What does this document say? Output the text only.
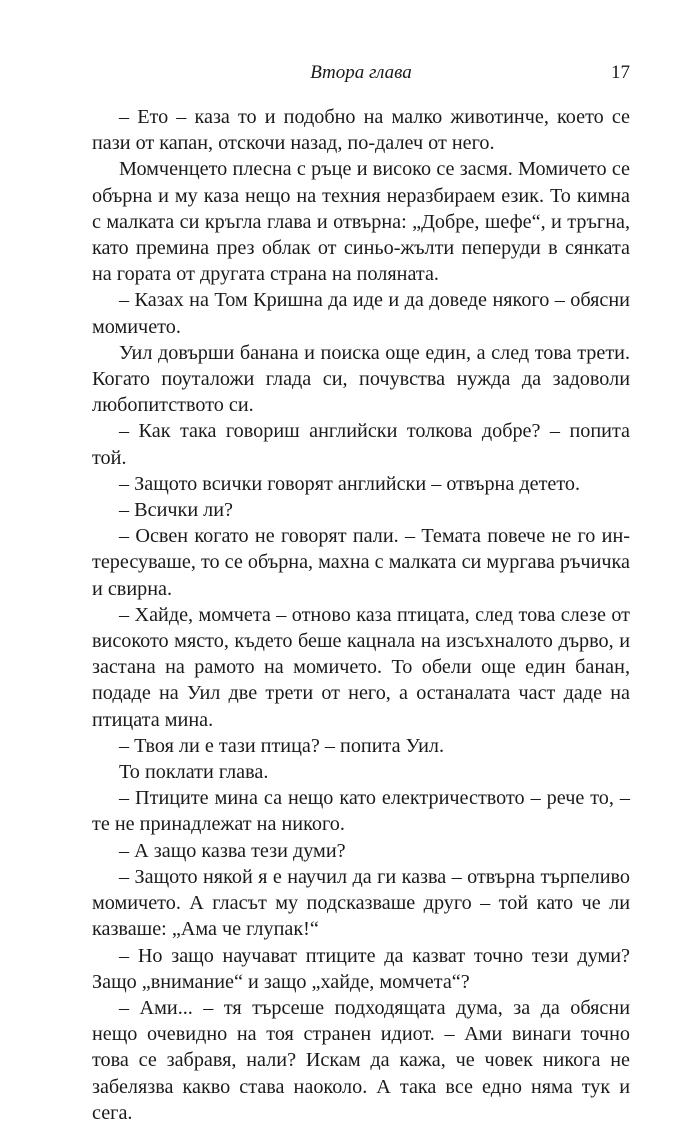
Втора глава	17

– Ето – каза то и подобно на малко животинче, което се пази от капан, отскочи назад, по-далеч от него.

Момченцето плесна с ръце и високо се засмя. Момичето се обърна и му каза нещо на техния неразбираем език. То кимна с малката си кръгла глава и отвърна: „Добре, шефе“, и тръгна, като премина през облак от синьо-жълти пеперуди в сянката на гората от другата страна на поляната.

– Казах на Том Кришна да иде и да доведе някого – обясни момичето.

Уил довърши банана и поиска още един, а след това трети. Когато поуталожи глада си, почувства нужда да задоволи любопитството си.

– Как така говориш английски толкова добре? – попита той.

– Защото всички говорят английски – отвърна детето.

– Всички ли?

– Освен когато не говорят пали. – Темата повече не го интересуваше, то се обърна, махна с малката си мургава ръчичка и свирна.

– Хайде, момчета – отново каза птицата, след това слезе от високото място, където беше кацнала на изсъхналото дърво, и застана на рамото на момичето. То обели още един банан, подаде на Уил две трети от него, а останалата част даде на птицата мина.

– Твоя ли е тази птица? – попита Уил.

То поклати глава.

– Птиците мина са нещо като електричеството – рече то, – те не принадлежат на никого.

– А защо казва тези думи?

– Защото някой я е научил да ги казва – отвърна търпеливо момичето. А гласът му подсказваше друго – той като че ли казваше: „Ама че глупак!“

– Но защо научават птиците да казват точно тези думи? Защо „внимание“ и защо „хайде, момчета“?

– Ами... – тя търсеше подходящата дума, за да обясни нещо очевидно на тоя странен идиот. – Ами винаги точно това се забравя, нали? Искам да кажа, че човек никога не забелязва какво става наоколо. А така все едно няма тук и сега.
